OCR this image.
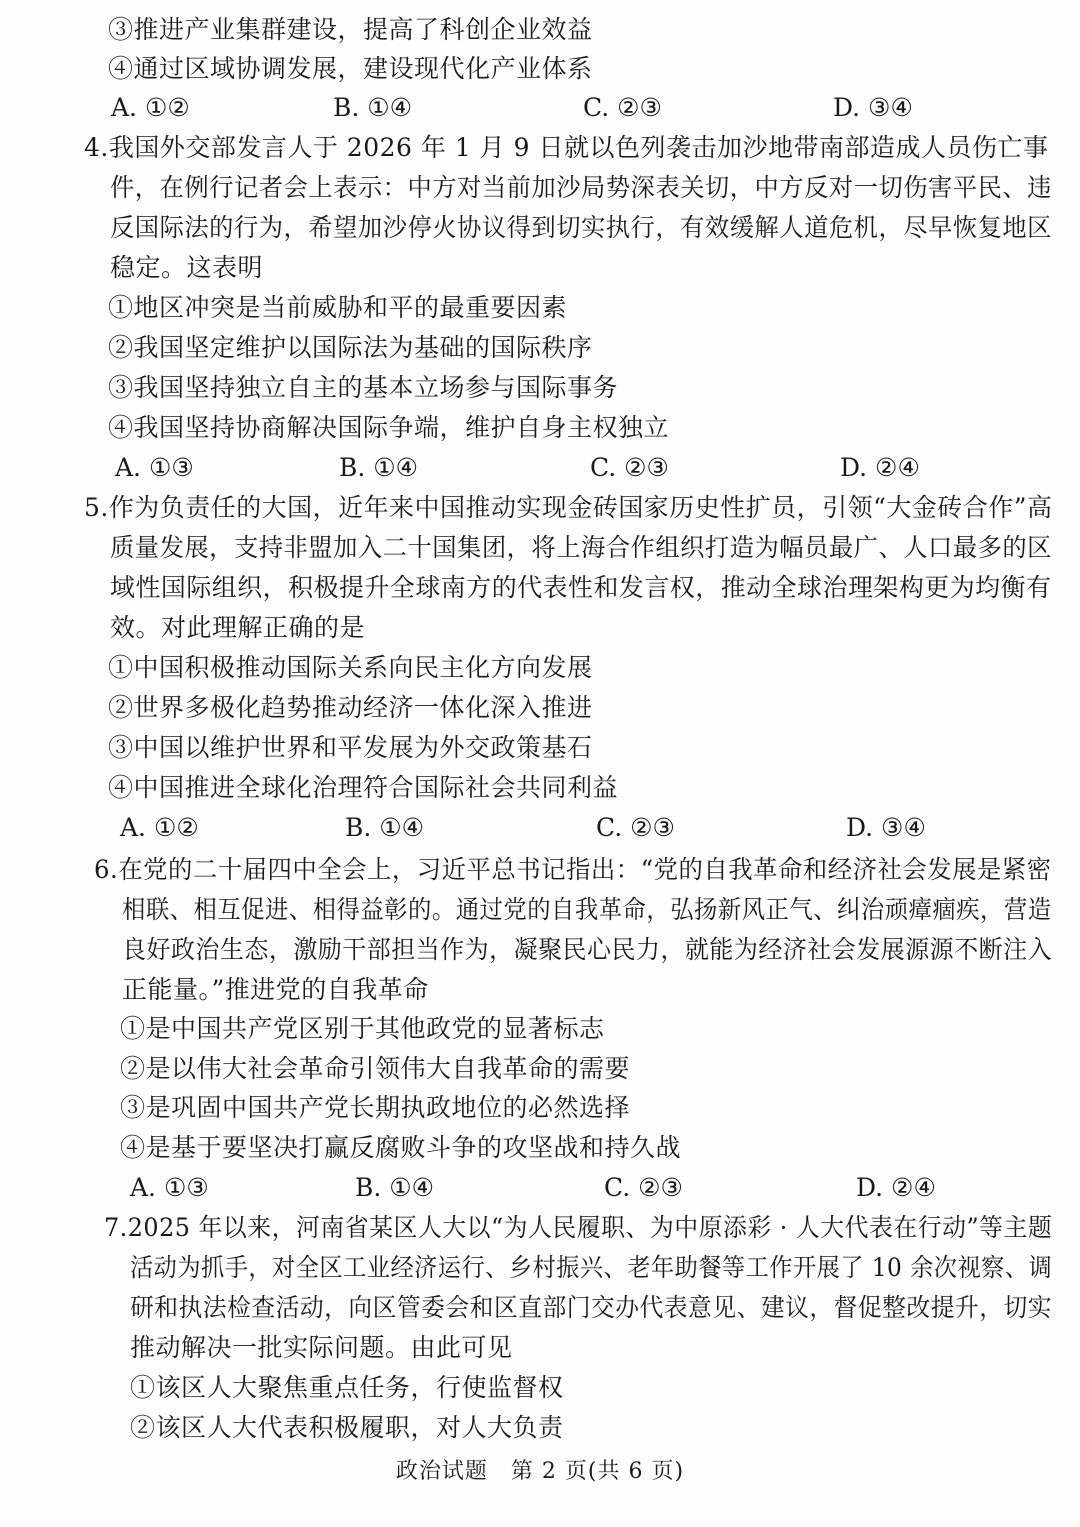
③推进产业集群建设，提高了科创企业效益
④通过区域协调发展，建设现代化产业体系
A. ①②	B. ①④	C. ②③	D. ③④
4.我国外交部发言人于 2026 年 1 月 9 日就以色列袭击加沙地带南部造成人员伤亡事
件，在例行记者会上表示：中方对当前加沙局势深表关切，中方反对一切伤害平民、违
反国际法的行为，希望加沙停火协议得到切实执行，有效缓解人道危机，尽早恢复地区
稳定。这表明
①地区冲突是当前威胁和平的最重要因素
②我国坚定维护以国际法为基础的国际秩序
③我国坚持独立自主的基本立场参与国际事务
④我国坚持协商解决国际争端，维护自身主权独立
A. ①③	B. ①④	C. ②③	D. ②④
5.作为负责任的大国，近年来中国推动实现金砖国家历史性扩员，引领“大金砖合作”高
质量发展，支持非盟加入二十国集团，将上海合作组织打造为幅员最广、人口最多的区
域性国际组织，积极提升全球南方的代表性和发言权，推动全球治理架构更为均衡有
效。对此理解正确的是
①中国积极推动国际关系向民主化方向发展
②世界多极化趋势推动经济一体化深入推进
③中国以维护世界和平发展为外交政策基石
④中国推进全球化治理符合国际社会共同利益
A. ①②	B. ①④	C. ②③	D. ③④
6.在党的二十届四中全会上，习近平总书记指出：“党的自我革命和经济社会发展是紧密
相联、相互促进、相得益彰的。通过党的自我革命，弘扬新风正气、纠治顽瘴痼疾，营造
良好政治生态，激励干部担当作为，凝聚民心民力，就能为经济社会发展源源不断注入
正能量。”推进党的自我革命
①是中国共产党区别于其他政党的显著标志
②是以伟大社会革命引领伟大自我革命的需要
③是巩固中国共产党长期执政地位的必然选择
④是基于要坚决打赢反腐败斗争的攻坚战和持久战
A. ①③	B. ①④	C. ②③	D. ②④
7.2025 年以来，河南省某区人大以“为人民履职、为中原添彩 · 人大代表在行动”等主题
活动为抓手，对全区工业经济运行、乡村振兴、老年助餐等工作开展了 10 余次视察、调
研和执法检查活动，向区管委会和区直部门交办代表意见、建议，督促整改提升，切实
推动解决一批实际问题。由此可见
①该区人大聚焦重点任务，行使监督权
②该区人大代表积极履职，对人大负责
政治试题　第 2 页(共 6 页)
